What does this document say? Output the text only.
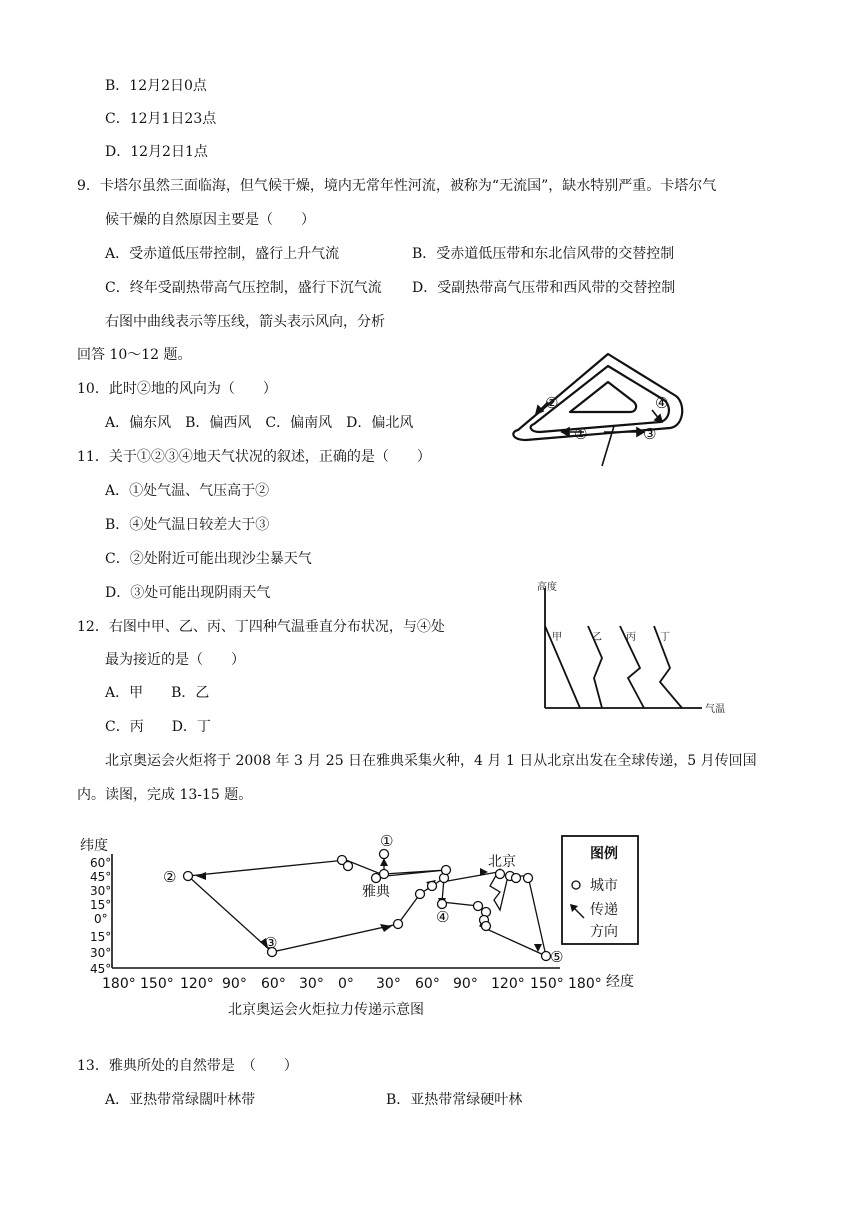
B．12月2日0点
C．12月1日23点
D．12月2日1点
9．卡塔尔虽然三面临海，但气候干燥，境内无常年性河流，被称为“无流国”，缺水特别严重。卡塔尔气
候干燥的自然原因主要是（　　）
A．受赤道低压带控制，盛行上升气流	B．受赤道低压带和东北信风带的交替控制
C．终年受副热带高气压控制，盛行下沉气流 D．受副热带高气压带和西风带的交替控制
右图中曲线表示等压线，箭头表示风向，分析
回答 10～12 题。
10．此时②地的风向为（　　）
A．偏东风　B．偏西风　C．偏南风　D．偏北风
11．关于①②③④地天气状况的叙述，正确的是（　　）
A．①处气温、气压高于②
B．④处气温日较差大于③
C．②处附近可能出现沙尘暴天气
D．③处可能出现阴雨天气
12．右图中甲、乙、丙、丁四种气温垂直分布状况，与④处
最为接近的是（　　）
A．甲　　B．乙
C．丙　　D．丁
②	④
①	③
高度
气温
甲	乙 丙 丁
北京奥运会火炬将于 2008 年 3 月 25 日在雅典采集火种，4 月 1 日从北京出发在全球传递，5 月传回国
内。读图，完成 13-15 题。
纬度
60°
45°
30°
15°
0°
15°
30°
45°
180° 150° 120° 90° 60° 30° 0° 30° 60° 90° 120° 150° 180° 经度
①
②
③
④
⑤
雅典
北京	图例
城市
传递
方向
北京奥运会火炬拉力传递示意图
13．雅典所处的自然带是　（　　）
A．亚热带常绿闊叶林带	B．亚热带常绿硬叶林
